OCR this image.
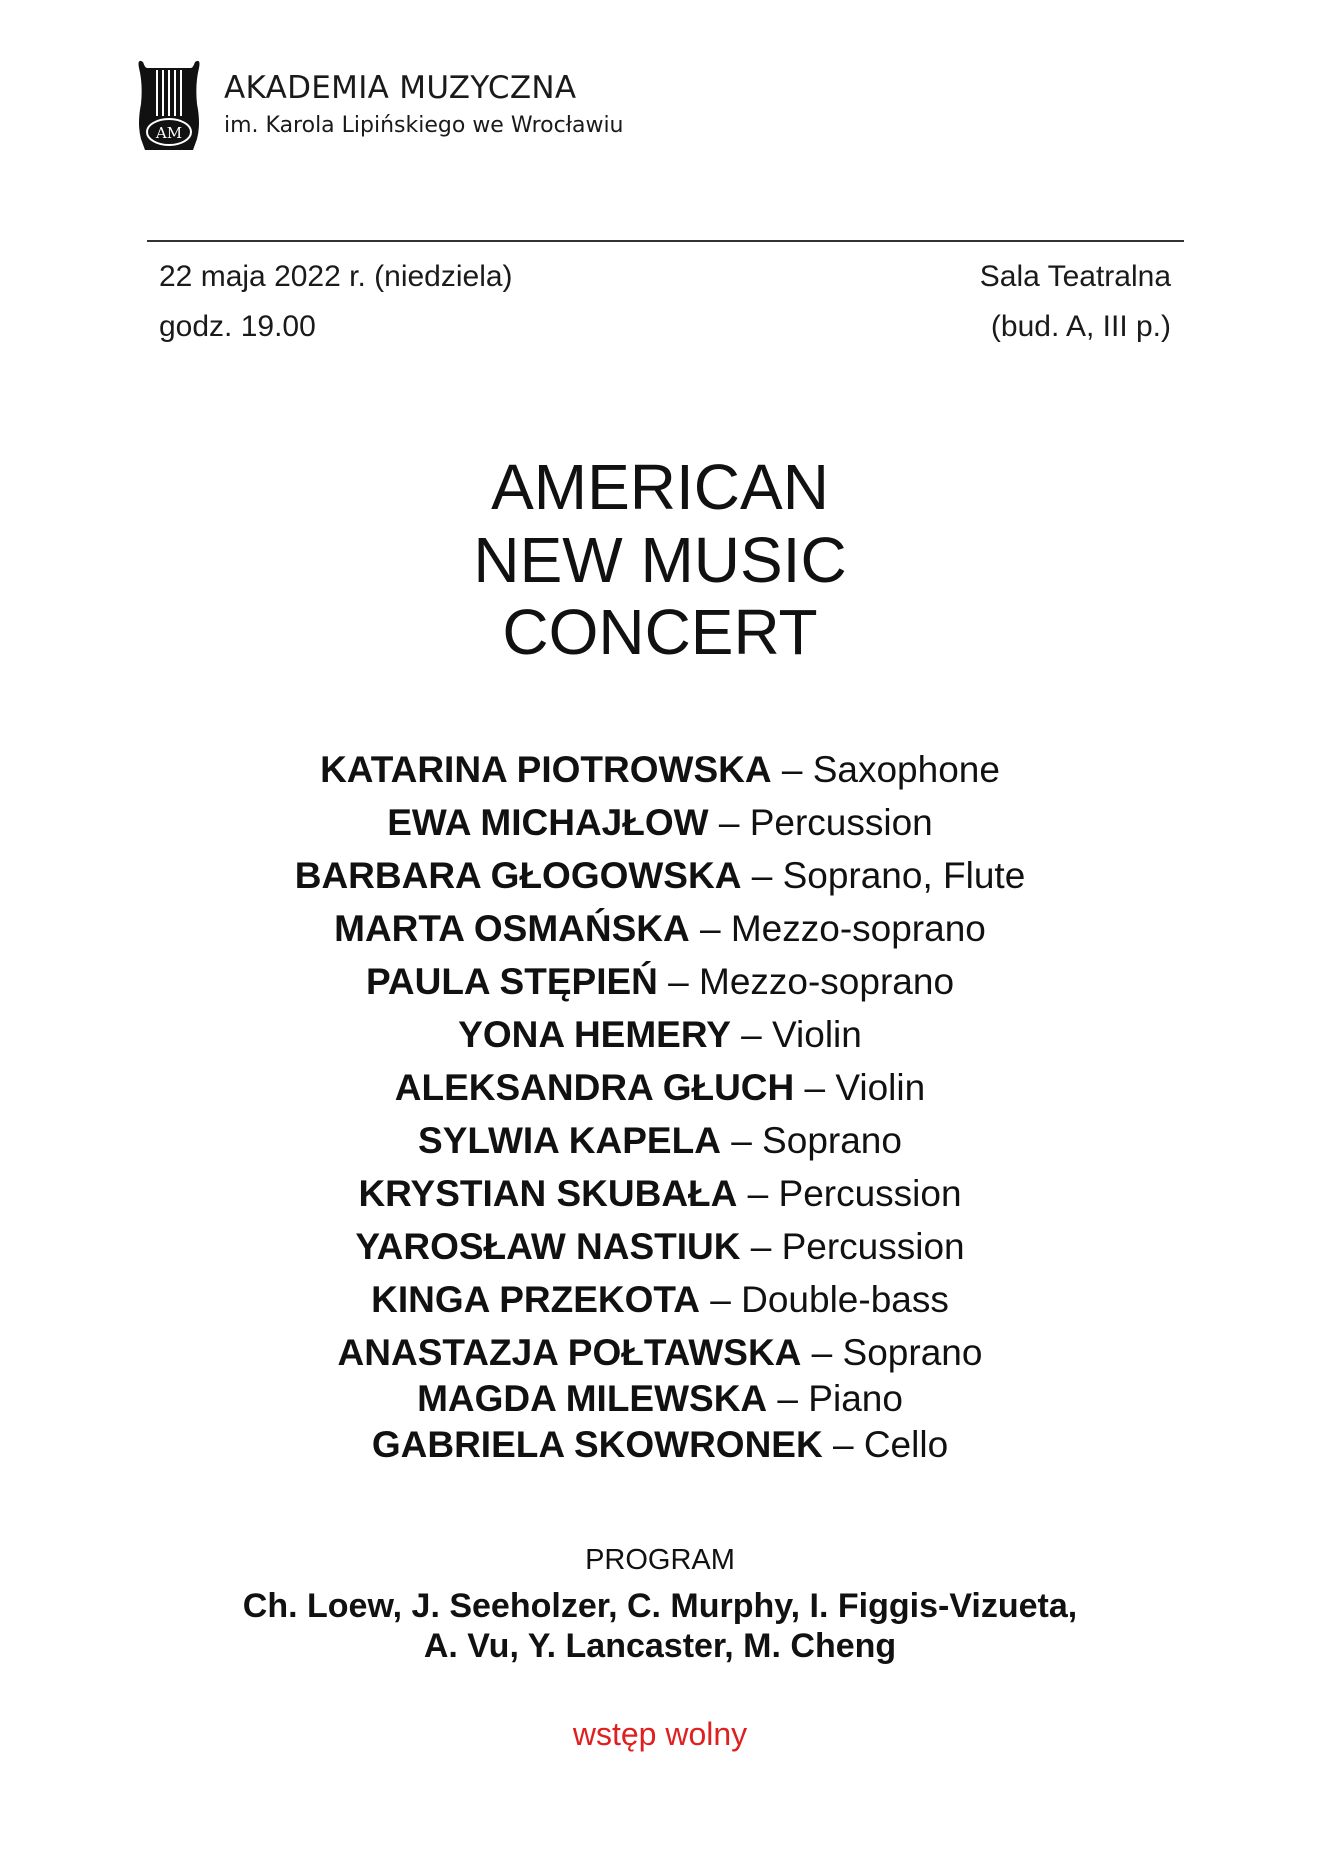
AM
AKADEMIA MUZYCZNA
im. Karola Lipińskiego we Wrocławiu
22 maja 2022 r. (niedziela)
godz. 19.00
Sala Teatralna
(bud. A, III p.)
AMERICAN
NEW MUSIC
CONCERT
KATARINA PIOTROWSKA – Saxophone
EWA MICHAJŁOW – Percussion
BARBARA GŁOGOWSKA – Soprano, Flute
MARTA OSMAŃSKA – Mezzo-soprano
PAULA STĘPIEŃ – Mezzo-soprano
YONA HEMERY – Violin
ALEKSANDRA GŁUCH – Violin
SYLWIA KAPELA – Soprano
KRYSTIAN SKUBAŁA – Percussion
YAROSŁAW NASTIUK – Percussion
KINGA PRZEKOTA – Double-bass
ANASTAZJA POŁTAWSKA – Soprano
MAGDA MILEWSKA – Piano
GABRIELA SKOWRONEK – Cello
PROGRAM
Ch. Loew, J. Seeholzer, C. Murphy, I. Figgis-Vizueta,
A. Vu, Y. Lancaster, M. Cheng
wstęp wolny
